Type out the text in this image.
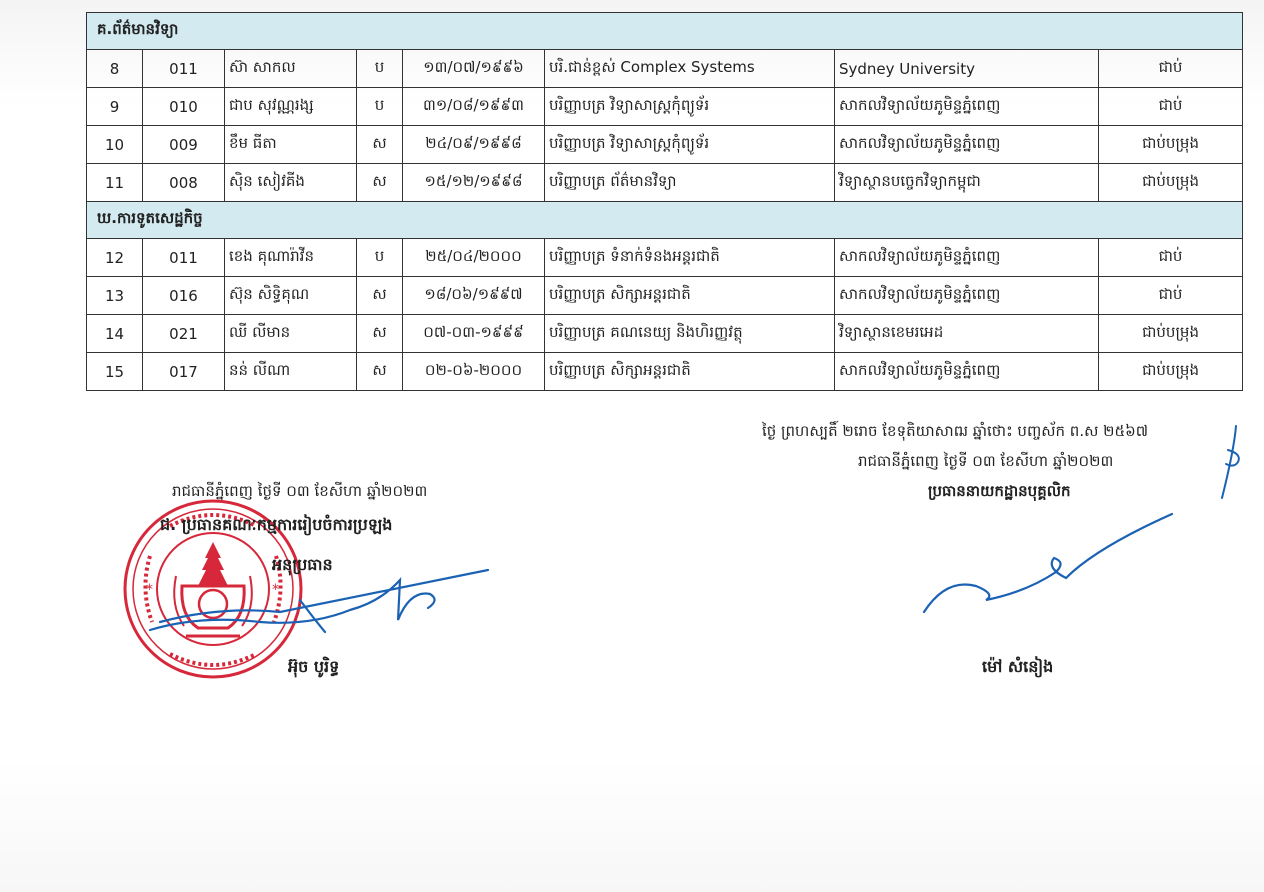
គ.ព័ត៌មានវិទ្យា							
8	011	ស៊ា សាកល	ប	១៣/០៧/១៩៩៦	បរិ.ជាន់ខ្ពស់ Complex Systems	Sydney University	ជាប់
9	010	ជាប សុវណ្ណរង្ស	ប	៣១/០៨/១៩៩៣	បរិញ្ញាបត្រ វិទ្យាសាស្ត្រកុំព្យូទ័រ	សាកលវិទ្យាល័យភូមិន្ទភ្នំពេញ	ជាប់
10	009	ខឹម ធីតា	ស	២៤/០៩/១៩៩៨	បរិញ្ញាបត្រ វិទ្យាសាស្ត្រកុំព្យូទ័រ	សាកលវិទ្យាល័យភូមិន្ទភ្នំពេញ	ជាប់បម្រុង
11	008	ស៊ិន សៀវគីង	ស	១៥/១២/១៩៩៨	បរិញ្ញាបត្រ ព័ត៌មានវិទ្យា	វិទ្យាស្ថានបច្ចេកវិទ្យាកម្ពុជា	ជាប់បម្រុង
ឃ.ការទូតសេដ្ឋកិច្ច							
12	011	ខេង គុណារ៉ាវីន	ប	២៥/០៤/២០០០	បរិញ្ញាបត្រ ទំនាក់ទំនងអន្តរជាតិ	សាកលវិទ្យាល័យភូមិន្ទភ្នំពេញ	ជាប់
13	016	ស៊ុន សិទ្ធិគុណ	ស	១៨/០៦/១៩៩៧	បរិញ្ញាបត្រ សិក្សាអន្តរជាតិ	សាកលវិទ្យាល័យភូមិន្ទភ្នំពេញ	ជាប់
14	021	ឈី លីមាន	ស	០៧-០៣-១៩៩៩	បរិញ្ញាបត្រ គណនេយ្យ និងហិរញ្ញវត្ថុ	វិទ្យាស្ថានខេមរអេដ	ជាប់បម្រុង
15	017	នន់ លីណា	ស	០២-០៦-២០០០	បរិញ្ញាបត្រ សិក្សាអន្តរជាតិ	សាកលវិទ្យាល័យភូមិន្ទភ្នំពេញ	ជាប់បម្រុង
ថ្ងៃ ព្រហស្បតិ៍ ២រោច ខែទុតិយាសាឍ ឆ្នាំថោះ បញ្ចស័ក ព.ស ២៥៦៧
រាជធានីភ្នំពេញ ថ្ងៃទី ០៣ ខែសីហា ឆ្នាំ២០២៣
ប្រធាននាយកដ្ឋានបុគ្គលិក
ម៉ៅ សំនៀង
*	*
រាជធានីភ្នំពេញ ថ្ងៃទី ០៣ ខែសីហា ឆ្នាំ២០២៣
ជ. ប្រធានគណៈកម្មការរៀបចំការប្រឡង
អនុប្រធាន
អ៊ុច បូរិទ្ធ
